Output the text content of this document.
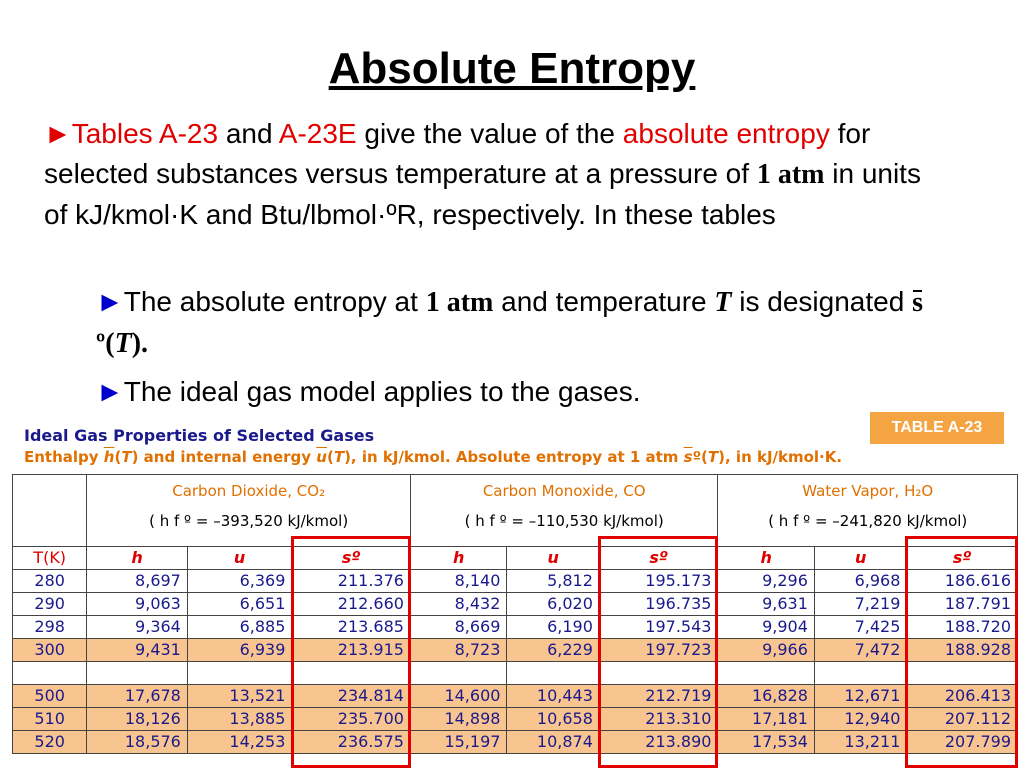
Absolute Entropy

►Tables A-23 and A-23E give the value of the absolute entropy for selected substances versus temperature at a pressure of 1 atm in units of kJ/kmol·K and Btu/lbmol·ºR, respectively. In these tables

►The absolute entropy at 1 atm and temperature T is designated sº(T).

►The ideal gas model applies to the gases.

TABLE A-23
Ideal Gas Properties of Selected Gases
Enthalpy $\overline{h}(T)$ and internal energy $\overline{u}(T)$, in kJ/kmol. Absolute entropy at 1 atm $\overline{s}º(T)$, in kJ/kmol·K.

	Carbon Dioxide, CO₂
( h f º = –393,520 kJ/kmol)			Carbon Monoxide, CO
( h f º = –110,530 kJ/kmol)			Water Vapor, H₂O
( h f º = –241,820 kJ/kmol)		

T(K)	h	u	sº	h	u	sº	h	u	sº
280	8,697	6,369	211.376	8,140	5,812	195.173	9,296	6,968	186.616
290	9,063	6,651	212.660	8,432	6,020	196.735	9,631	7,219	187.791
298	9,364	6,885	213.685	8,669	6,190	197.543	9,904	7,425	188.720
300	9,431	6,939	213.915	8,723	6,229	197.723	9,966	7,472	188.928

500	17,678	13,521	234.814	14,600	10,443	212.719	16,828	12,671	206.413
510	18,126	13,885	235.700	14,898	10,658	213.310	17,181	12,940	207.112
520	18,576	14,253	236.575	15,197	10,874	213.890	17,534	13,211	207.799
